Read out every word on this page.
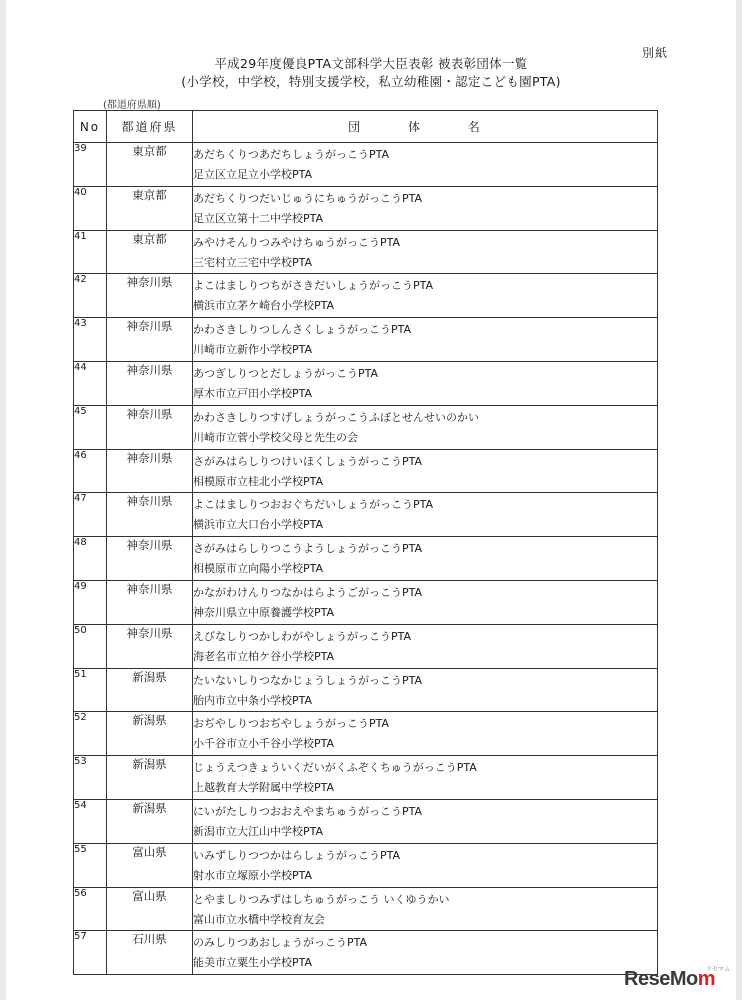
別紙
平成29年度優良PTA文部科学大臣表彰 被表彰団体一覧
(小学校，中学校，特別支援学校，私立幼稚園・認定こども園PTA)
(都道府県順)
No	都道府県	団 体 名
39	東京都	あだちくりつあだちしょうがっこうPTA
足立区立足立小学校PTA

40	東京都	あだちくりつだいじゅうにちゅうがっこうPTA
足立区立第十二中学校PTA

41	東京都	みやけそんりつみやけちゅうがっこうPTA
三宅村立三宅中学校PTA

42	神奈川県	よこはましりつちがさきだいしょうがっこうPTA
横浜市立茅ケ崎台小学校PTA

43	神奈川県	かわさきしりつしんさくしょうがっこうPTA
川崎市立新作小学校PTA

44	神奈川県	あつぎしりつとだしょうがっこうPTA
厚木市立戸田小学校PTA

45	神奈川県	かわさきしりつすげしょうがっこうふぼとせんせいのかい
川崎市立菅小学校父母と先生の会

46	神奈川県	さがみはらしりつけいほくしょうがっこうPTA
相模原市立桂北小学校PTA

47	神奈川県	よこはましりつおおぐちだいしょうがっこうPTA
横浜市立大口台小学校PTA

48	神奈川県	さがみはらしりつこうようしょうがっこうPTA
相模原市立向陽小学校PTA

49	神奈川県	かながわけんりつなかはらようごがっこうPTA
神奈川県立中原養護学校PTA

50	神奈川県	えびなしりつかしわがやしょうがっこうPTA
海老名市立柏ケ谷小学校PTA

51	新潟県	たいないしりつなかじょうしょうがっこうPTA
胎内市立中条小学校PTA

52	新潟県	おぢやしりつおぢやしょうがっこうPTA
小千谷市立小千谷小学校PTA

53	新潟県	じょうえつきょういくだいがくふぞくちゅうがっこうPTA
上越教育大学附属中学校PTA

54	新潟県	にいがたしりつおおえやまちゅうがっこうPTA
新潟市立大江山中学校PTA

55	富山県	いみずしりつつかはらしょうがっこうPTA
射水市立塚原小学校PTA

56	富山県	とやましりつみずはしちゅうがっこう いくゆうかい
富山市立水橋中学校育友会

57	石川県	のみしりつあおしょうがっこうPTA
能美市立粟生小学校PTA
ReseMom
リセマム
